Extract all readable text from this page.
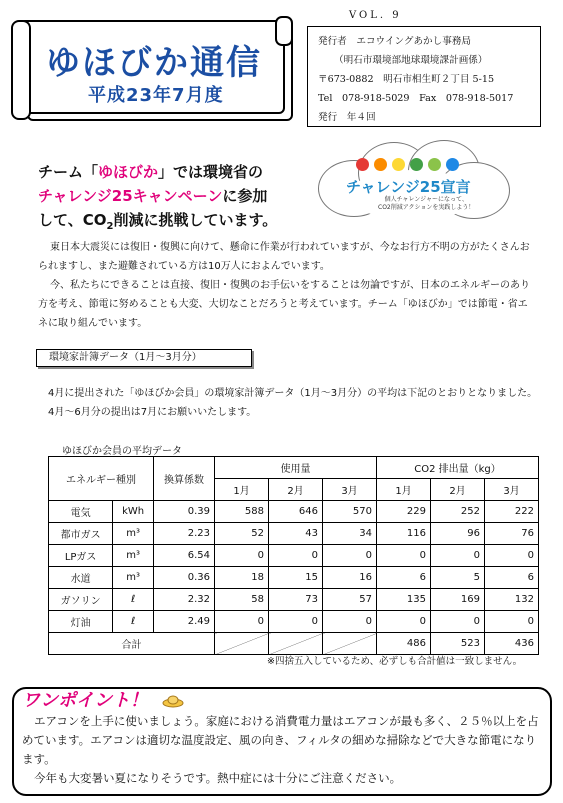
ゆほびか通信
平成23年7月度
VOL. 9
発行者　エコウイングあかし事務局
（明石市環境部地球環境課計画係）
〒673-0882　明石市相生町２丁目 5-15
Tel　078-918-5029　Fax　078-918-5017
発行　年４回
チーム「ゆほびか」では環境省の
チャレンジ25キャンペーンに参加
して、$CO_2$削減に挑戦しています。
チャレンジ25宣言
個人チャレンジャーになって、
CO2削減アクションを実践しよう！
東日本大震災には復旧・復興に向けて、懸命に作業が行われていますが、今なお行方不明の方がたくさんおられますし、また避難されている方は10万人におよんでいます。
今、私たちにできることは直接、復旧・復興のお手伝いをすることは勿論ですが、日本のエネルギーのあり方を考え、節電に努めることも大変、大切なことだろうと考えています。チーム「ゆほびか」では節電・省エネに取り組んでいます。
環境家計簿データ（1月～3月分）
4月に提出された「ゆほびか会員」の環境家計簿データ（1月～3月分）の平均は下記のとおりとなりました。
4月～6月分の提出は7月にお願いいたします。
ゆほびか会員の平均データ
エネルギー種別		換算係数	使用量			CO2 排出量（kg）		
			1月	2月	3月	1月	2月	3月
電気	kWh	0.39	588	646	570	229	252	222
都市ガス	m³	2.23	52	43	34	116	96	76
LPガス	m³	6.54	0	0	0	0	0	0
水道	m³	0.36	18	15	16	6	5	6
ガソリン	ℓ	2.32	58	73	57	135	169	132
灯油	ℓ	2.49	0	0	0	0	0	0
合計						486	523	436
※四捨五入しているため、必ずしも合計値は一致しません。
ワンポイント！
エアコンを上手に使いましょう。家庭における消費電力量はエアコンが最も多く、２５％以上を占めています。エアコンは適切な温度設定、風の向き、フィルタの細めな掃除などで大きな節電になります。
今年も大変暑い夏になりそうです。熱中症には十分にご注意ください。
